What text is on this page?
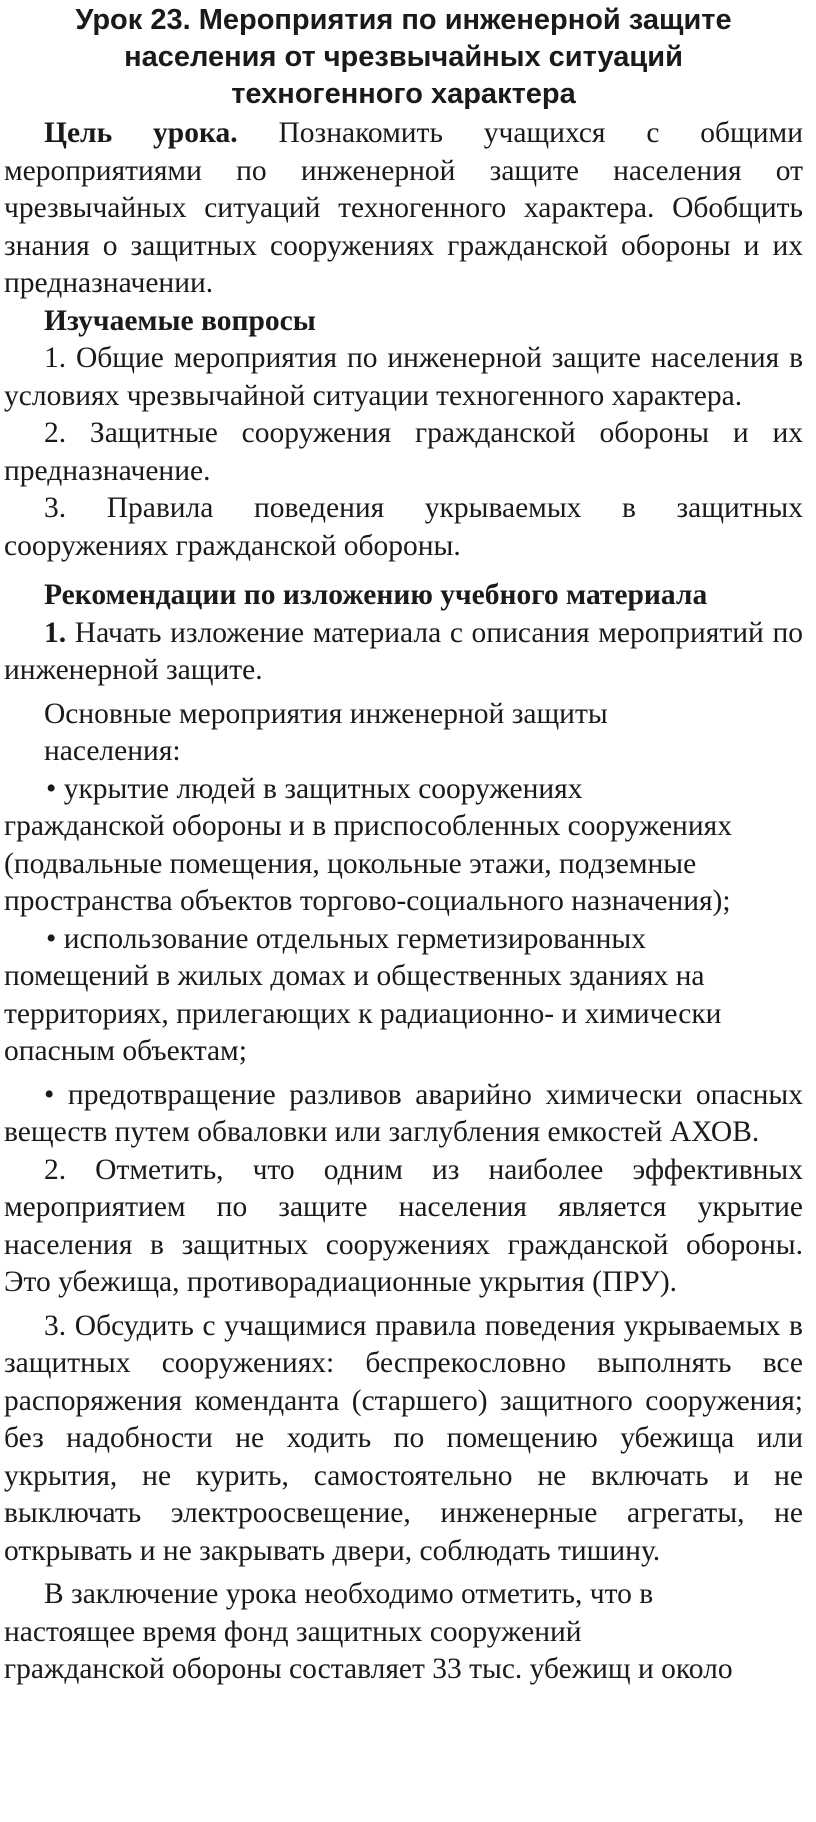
Урок 23. Мероприятия по инженерной защите
населения от чрезвычайных ситуаций
техногенного характера

Цель урока. Познакомить учащихся с общими мероприятиями по инженерной защите населения от чрезвычайных ситуаций техногенного характера. Обобщить знания о защитных сооружениях гражданской обороны и их предназначении.

Изучаемые вопросы

1. Общие мероприятия по инженерной защите населения в условиях чрезвычайной ситуации техногенного характера.

2. Защитные сооружения гражданской обороны и их предназначение.

3. Правила поведения укрываемых в защитных сооружениях гражданской обороны.

Рекомендации по изложению учебного материала

1. Начать изложение материала с описания мероприятий по инженерной защите.

Основные мероприятия инженерной защиты
населения:
• укрытие людей в защитных сооружениях
гражданской обороны и в приспособленных сооружениях
(подвальные помещения, цокольные этажи, подземные
пространства объектов торгово-социального назначения);
• использование отдельных герметизированных
помещений в жилых домах и общественных зданиях на
территориях, прилегающих к радиационно- и химически
опасным объектам;

• предотвращение разливов аварийно химически опасных веществ путем обваловки или заглубления емкостей АХОВ.

2. Отметить, что одним из наиболее эффективных мероприятием по защите населения является укрытие населения в защитных сооружениях гражданской обороны. Это убежища, противорадиационные укрытия (ПРУ).

3. Обсудить с учащимися правила поведения укрываемых в защитных сооружениях: беспрекословно выполнять все распоряжения коменданта (старшего) защитного сооружения; без надобности не ходить по помещению убежища или укрытия, не курить, самостоятельно не включать и не выключать электроосвещение, инженерные агрегаты, не открывать и не закрывать двери, соблюдать тишину.

В заключение урока необходимо отметить, что в
настоящее время фонд защитных сооружений
гражданской обороны составляет 33 тыс. убежищ и около
